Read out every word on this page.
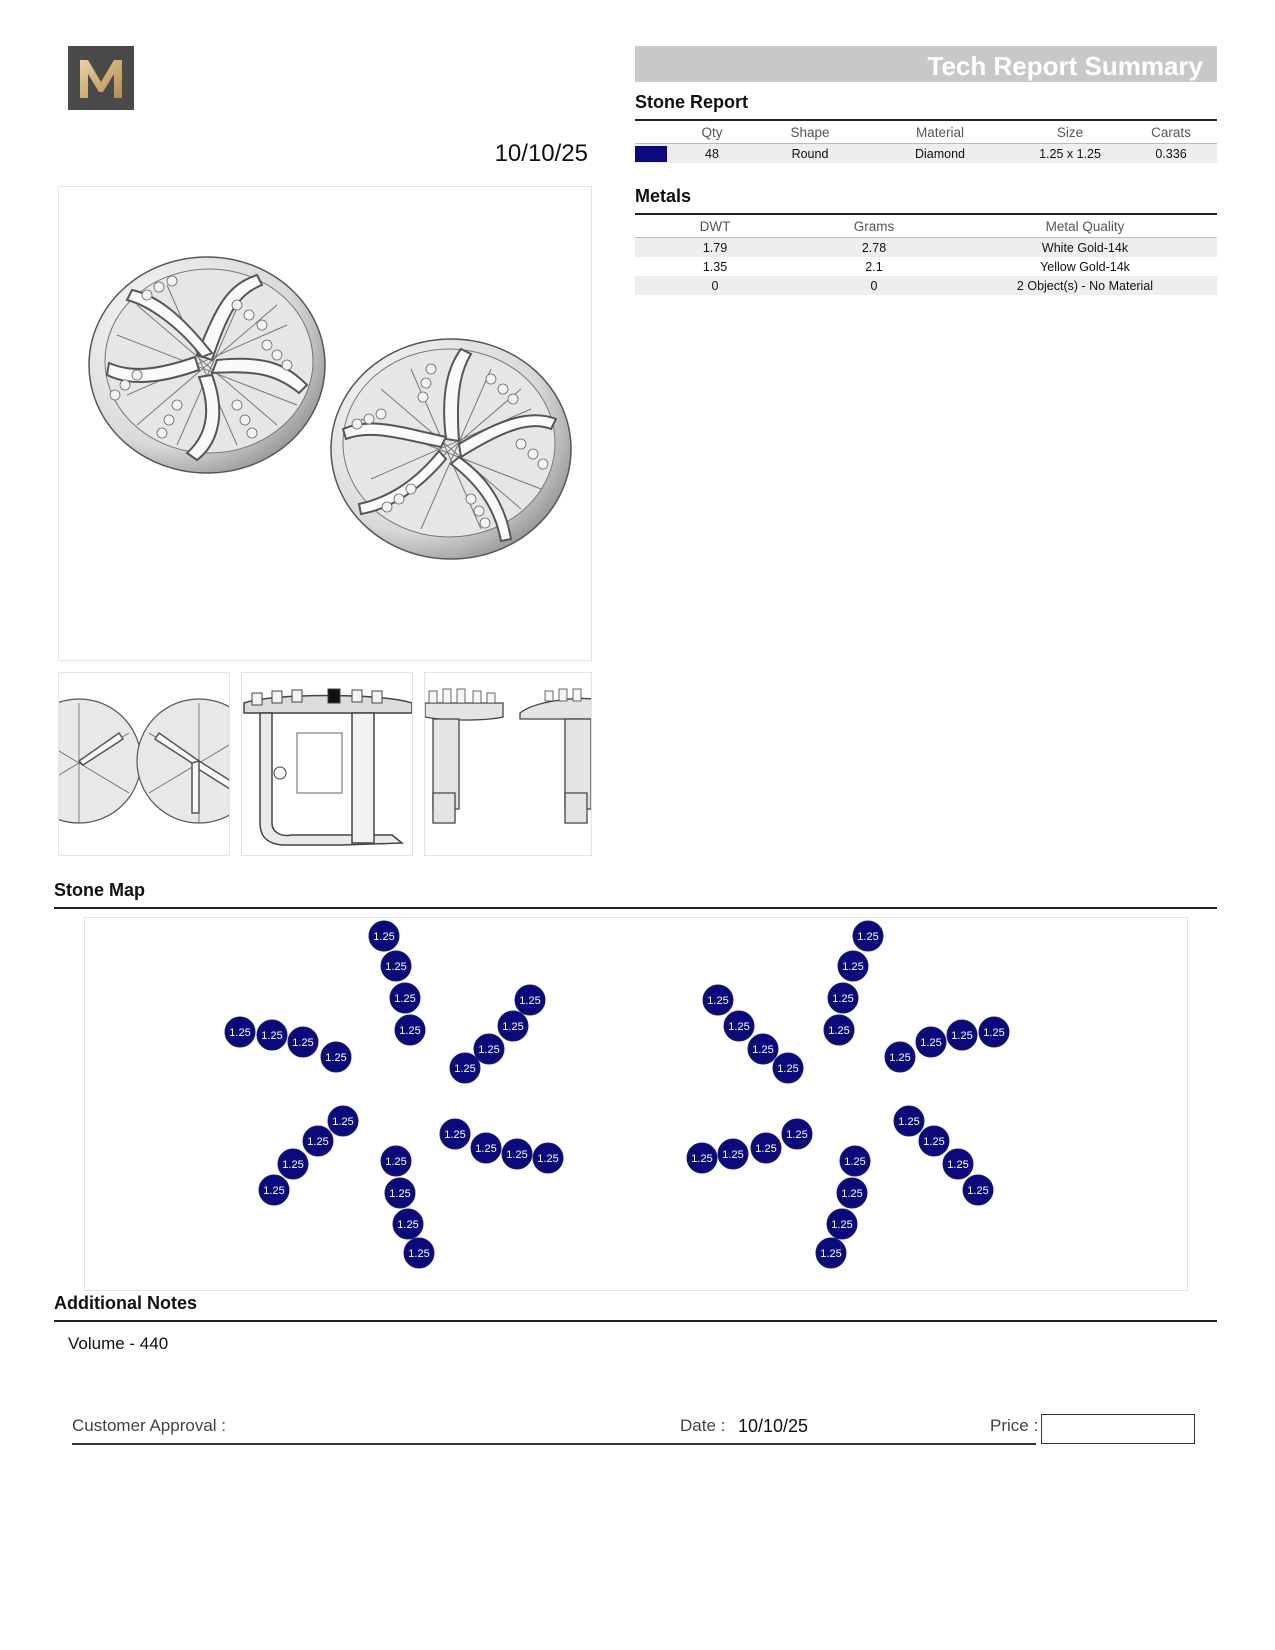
10/10/25
Tech Report Summary
Stone Report
	Qty	Shape	Material	Size	Carats
	48	Round	Diamond	1.25 x 1.25	0.336
Metals
DWT	Grams	Metal Quality
1.79	2.78	White Gold-14k
1.35	2.1	Yellow Gold-14k
0	0	2 Object(s) - No Material
Stone Map
1.25
1.25
1.25
1.25
1.25
1.25
1.25
1.25
1.25 1.25
1.25
1.25
1.25
1.25
1.25
1.25
1.25
1.25
1.25
1.25
1.25
1.25 1.25 1.25
1.25
1.25
1.25
1.25
1.25
1.25
1.25
1.25
1.25
1.25
1.25
1.25
1.25
1.25
1.25
1.25
1.25
1.25
1.25
1.25
1.25
1.25
1.25
1.25
Additional Notes
Volume - 440
Customer Approval :	Date : 10/10/25	Price :
